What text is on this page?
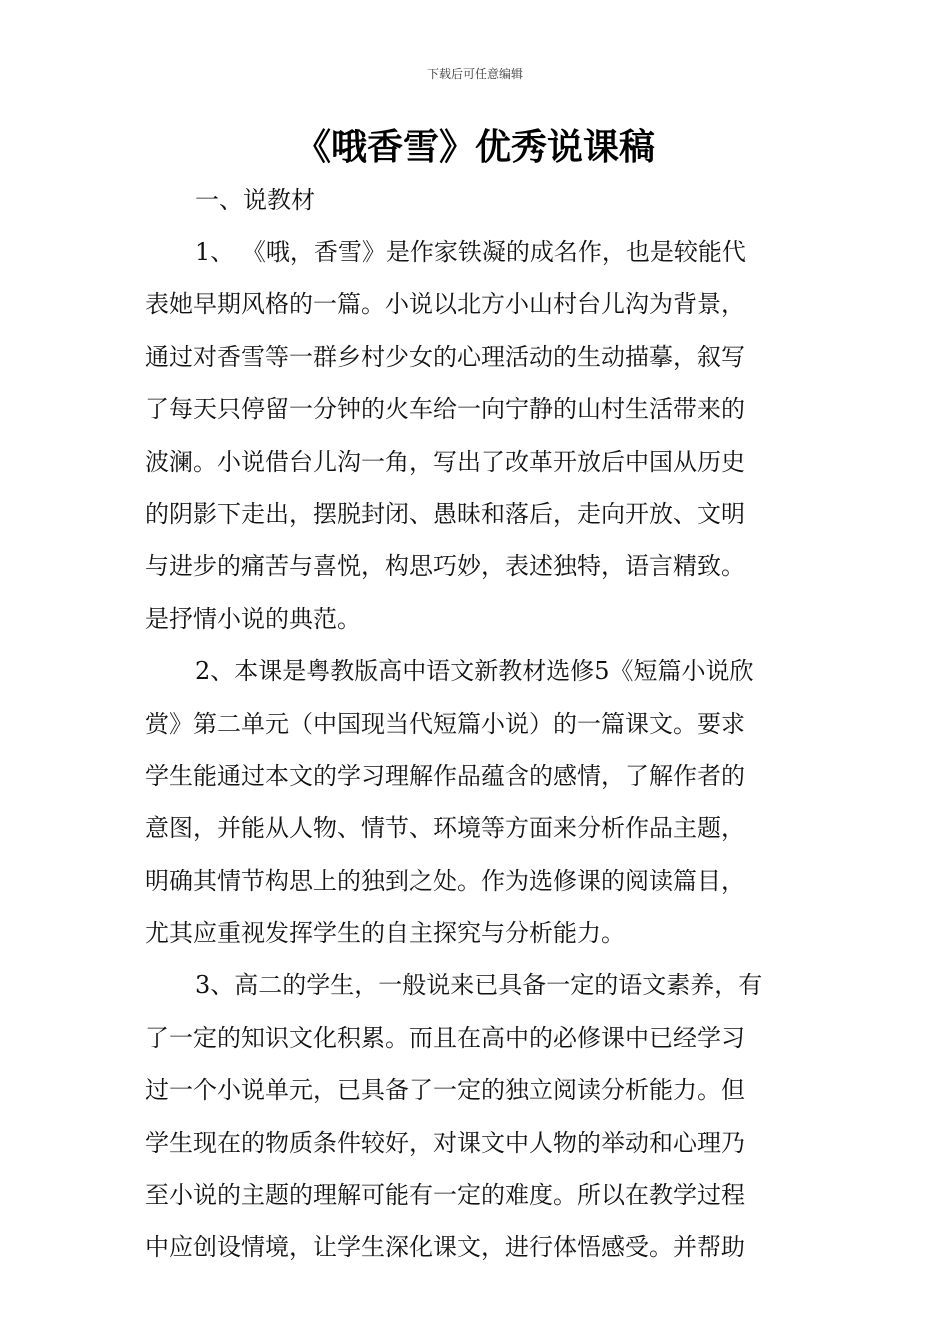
下载后可任意编辑
《哦香雪》优秀说课稿
一、说教材

1、 《哦，香雪》是作家铁凝的成名作，也是较能代
表她早期风格的一篇。小说以北方小山村台儿沟为背景，
通过对香雪等一群乡村少女的心理活动的生动描摹，叙写
了每天只停留一分钟的火车给一向宁静的山村生活带来的
波澜。小说借台儿沟一角，写出了改革开放后中国从历史
的阴影下走出，摆脱封闭、愚昧和落后，走向开放、文明
与进步的痛苦与喜悦，构思巧妙，表述独特，语言精致。
是抒情小说的典范。

2、本课是粤教版高中语文新教材选修5《短篇小说欣
赏》第二单元（中国现当代短篇小说）的一篇课文。要求
学生能通过本文的学习理解作品蕴含的感情，了解作者的
意图，并能从人物、情节、环境等方面来分析作品主题，
明确其情节构思上的独到之处。作为选修课的阅读篇目，
尤其应重视发挥学生的自主探究与分析能力。

3、高二的学生，一般说来已具备一定的语文素养，有
了一定的知识文化积累。而且在高中的必修课中已经学习
过一个小说单元，已具备了一定的独立阅读分析能力。但
学生现在的物质条件较好，对课文中人物的举动和心理乃
至小说的主题的理解可能有一定的难度。所以在教学过程
中应创设情境，让学生深化课文，进行体悟感受。并帮助
